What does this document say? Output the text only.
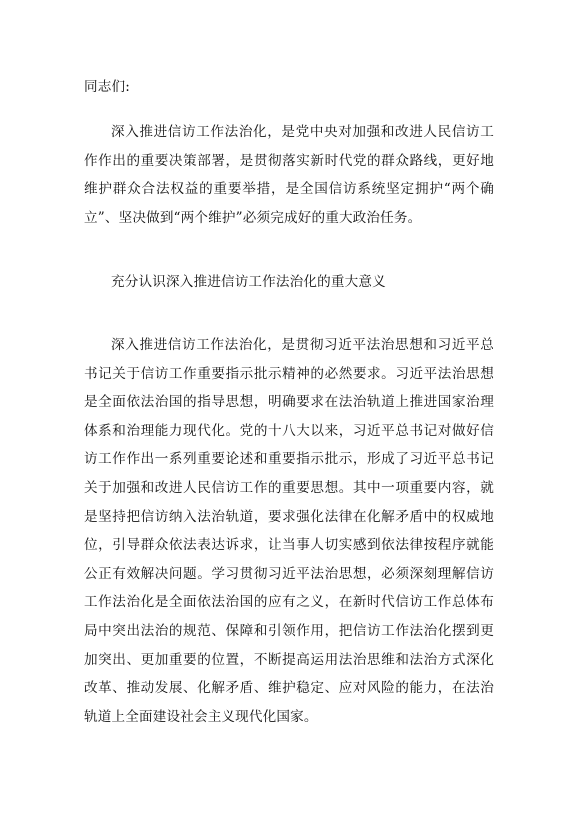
同志们:
深入推进信访工作法治化，是党中央对加强和改进人民信访工作作出的重要决策部署，是贯彻落实新时代党的群众路线，更好地维护群众合法权益的重要举措，是全国信访系统坚定拥护“两个确立”、坚决做到“两个维护”必须完成好的重大政治任务。
充分认识深入推进信访工作法治化的重大意义
深入推进信访工作法治化，是贯彻习近平法治思想和习近平总书记关于信访工作重要指示批示精神的必然要求。习近平法治思想是全面依法治国的指导思想，明确要求在法治轨道上推进国家治理体系和治理能力现代化。党的十八大以来，习近平总书记对做好信访工作作出一系列重要论述和重要指示批示，形成了习近平总书记关于加强和改进人民信访工作的重要思想。其中一项重要内容，就是坚持把信访纳入法治轨道，要求强化法律在化解矛盾中的权威地位，引导群众依法表达诉求，让当事人切实感到依法律按程序就能公正有效解决问题。学习贯彻习近平法治思想，必须深刻理解信访工作法治化是全面依法治国的应有之义，在新时代信访工作总体布局中突出法治的规范、保障和引领作用，把信访工作法治化摆到更加突出、更加重要的位置，不断提高运用法治思维和法治方式深化改革、推动发展、化解矛盾、维护稳定、应对风险的能力，在法治轨道上全面建设社会主义现代化国家。
